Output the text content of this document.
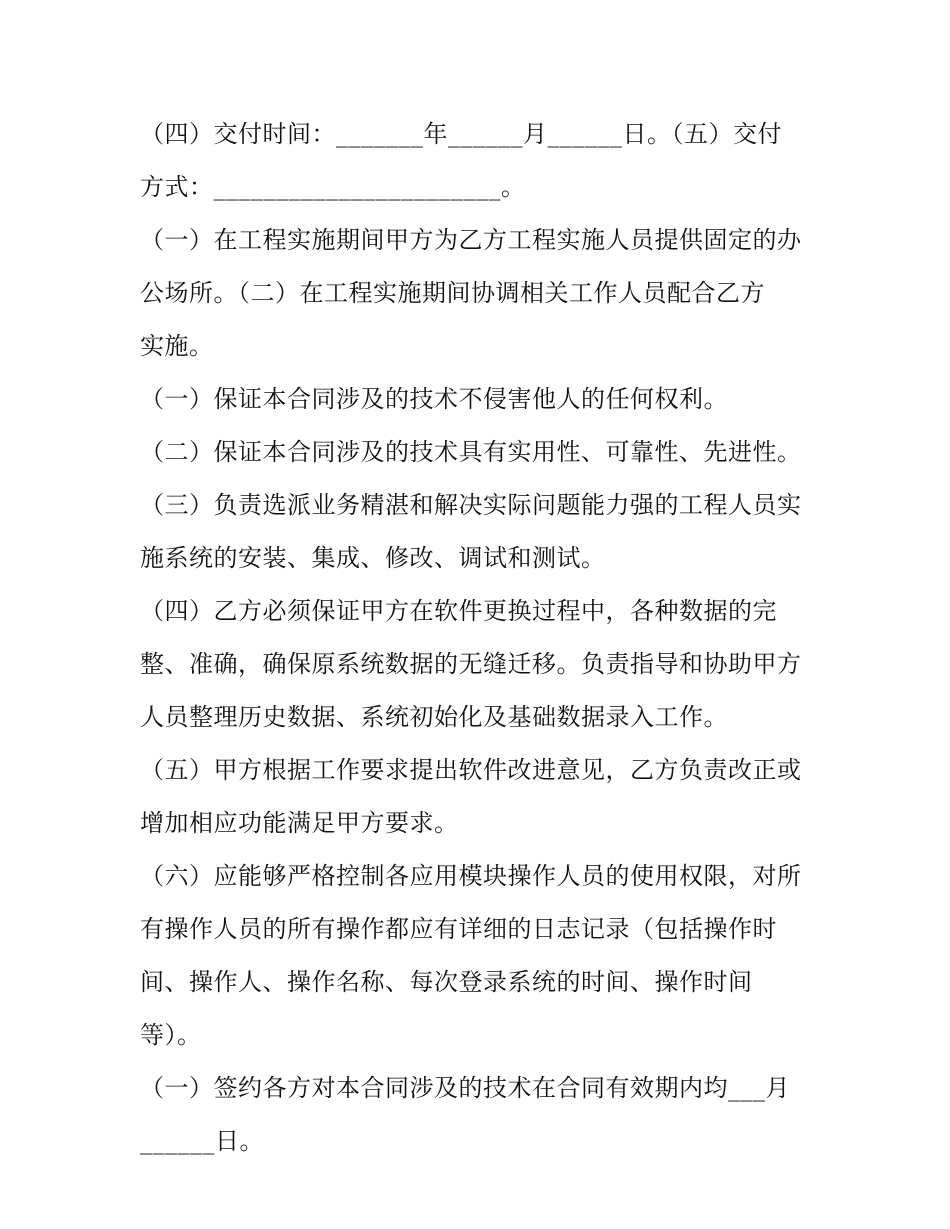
（四）交付时间：_______年______月______日。（五）交付
方式：_______________________。
（一）在工程实施期间甲方为乙方工程实施人员提供固定的办
公场所。（二）在工程实施期间协调相关工作人员配合乙方
实施。
（一）保证本合同涉及的技术不侵害他人的任何权利。
（二）保证本合同涉及的技术具有实用性、可靠性、先进性。
（三）负责选派业务精湛和解决实际问题能力强的工程人员实
施系统的安装、集成、修改、调试和测试。
（四）乙方必须保证甲方在软件更换过程中，各种数据的完
整、准确，确保原系统数据的无缝迁移。负责指导和协助甲方
人员整理历史数据、系统初始化及基础数据录入工作。
（五）甲方根据工作要求提出软件改进意见，乙方负责改正或
增加相应功能满足甲方要求。
（六）应能够严格控制各应用模块操作人员的使用权限，对所
有操作人员的所有操作都应有详细的日志记录（包括操作时
间、操作人、操作名称、每次登录系统的时间、操作时间
等）。
（一）签约各方对本合同涉及的技术在合同有效期内均___月
______日。
